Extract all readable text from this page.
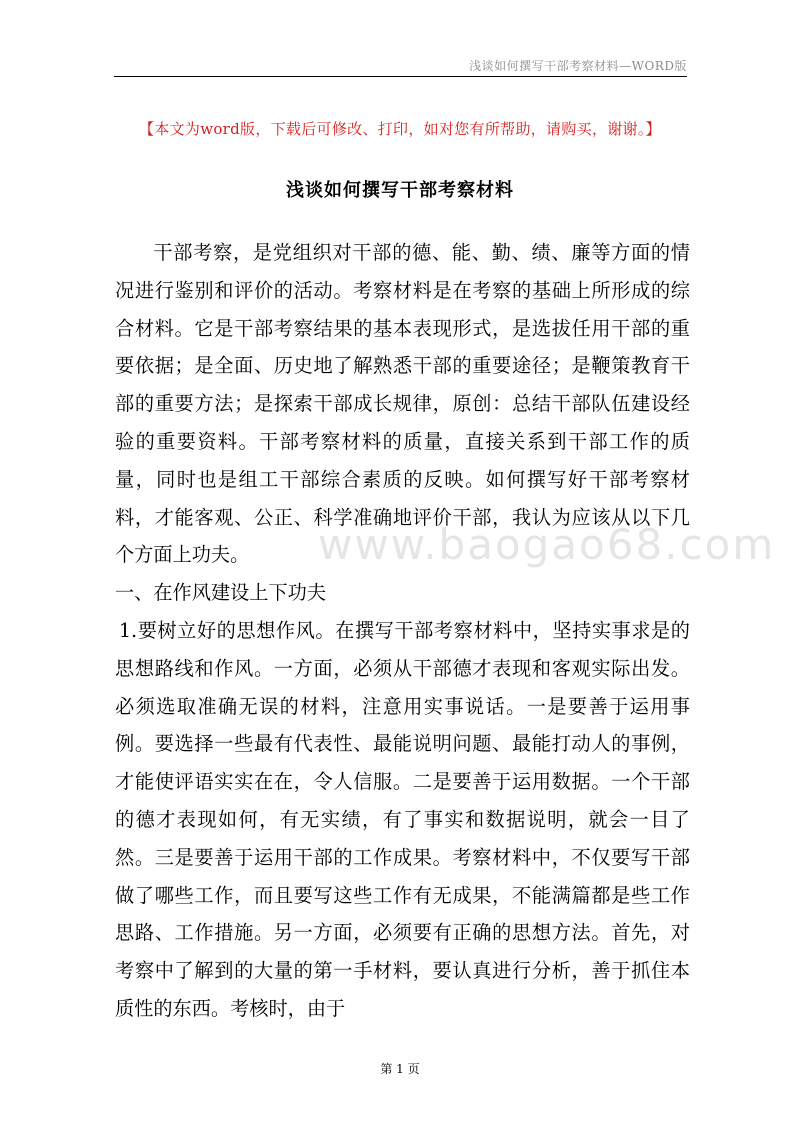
浅谈如何撰写干部考察材料—WORD版
【本文为word版，下载后可修改、打印，如对您有所帮助，请购买，谢谢。】
浅谈如何撰写干部考察材料

干部考察，是党组织对干部的德、能、勤、绩、廉等方面的情况进行鉴别和评价的活动。考察材料是在考察的基础上所形成的综合材料。它是干部考察结果的基本表现形式，是选拔任用干部的重要依据；是全面、历史地了解熟悉干部的重要途径；是鞭策教育干部的重要方法；是探索干部成长规律，原创：总结干部队伍建设经验的重要资料。干部考察材料的质量，直接关系到干部工作的质量，同时也是组工干部综合素质的反映。如何撰写好干部考察材料，才能客观、公正、科学准确地评价干部，我认为应该从以下几个方面上功夫。

一、在作风建设上下功夫

1.要树立好的思想作风。在撰写干部考察材料中，坚持实事求是的思想路线和作风。一方面，必须从干部德才表现和客观实际出发。必须选取准确无误的材料，注意用实事说话。一是要善于运用事例。要选择一些最有代表性、最能说明问题、最能打动人的事例，才能使评语实实在在，令人信服。二是要善于运用数据。一个干部的德才表现如何，有无实绩，有了事实和数据说明，就会一目了然。三是要善于运用干部的工作成果。考察材料中，不仅要写干部做了哪些工作，而且要写这些工作有无成果，不能满篇都是些工作思路、工作措施。另一方面，必须要有正确的思想方法。首先，对考察中了解到的大量的第一手材料，要认真进行分析，善于抓住本质性的东西。考核时，由于

www.baogao68.com
第 1 页
